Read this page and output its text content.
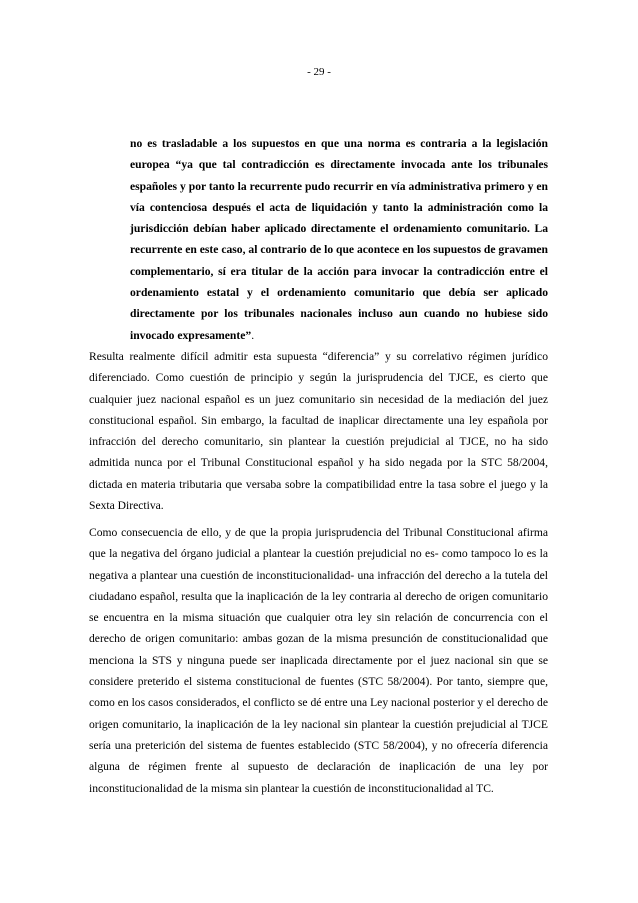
- 29 -

no es trasladable a los supuestos en que una norma es contraria a la legislación europea “ya que tal contradicción es directamente invocada ante los tribunales españoles y por tanto la recurrente pudo recurrir en vía administrativa primero y en vía contenciosa después el acta de liquidación y tanto la administración como la jurisdicción debían haber aplicado directamente el ordenamiento comunitario. La recurrente en este caso, al contrario de lo que acontece en los supuestos de gravamen complementario, sí era titular de la acción para invocar la contradicción entre el ordenamiento estatal y el ordenamiento comunitario que debía ser aplicado directamente por los tribunales nacionales incluso aun cuando no hubiese sido invocado expresamente”.

Resulta realmente difícil admitir esta supuesta “diferencia” y su correlativo régimen jurídico diferenciado. Como cuestión de principio y según la jurisprudencia del TJCE, es cierto que cualquier juez nacional español es un juez comunitario sin necesidad de la mediación del juez constitucional español. Sin embargo, la facultad de inaplicar directamente una ley española por infracción del derecho comunitario, sin plantear la cuestión prejudicial al TJCE, no ha sido admitida nunca por el Tribunal Constitucional español y ha sido negada por la STC 58/2004, dictada en materia tributaria que versaba sobre la compatibilidad entre la tasa sobre el juego y la Sexta Directiva.

Como consecuencia de ello, y de que la propia jurisprudencia del Tribunal Constitucional afirma que la negativa del órgano judicial a plantear la cuestión prejudicial no es- como tampoco lo es la negativa a plantear una cuestión de inconstitucionalidad- una infracción del derecho a la tutela del ciudadano español, resulta que la inaplicación de la ley contraria al derecho de origen comunitario se encuentra en la misma situación que cualquier otra ley sin relación de concurrencia con el derecho de origen comunitario: ambas gozan de la misma presunción de constitucionalidad que menciona la STS y ninguna puede ser inaplicada directamente por el juez nacional sin que se considere preterido el sistema constitucional de fuentes (STC 58/2004). Por tanto, siempre que, como en los casos considerados, el conflicto se dé entre una Ley nacional posterior y el derecho de origen comunitario, la inaplicación de la ley nacional sin plantear la cuestión prejudicial al TJCE sería una preterición del sistema de fuentes establecido (STC 58/2004), y no ofrecería diferencia alguna de régimen frente al supuesto de declaración de inaplicación de una ley por inconstitucionalidad de la misma sin plantear la cuestión de inconstitucionalidad al TC.
